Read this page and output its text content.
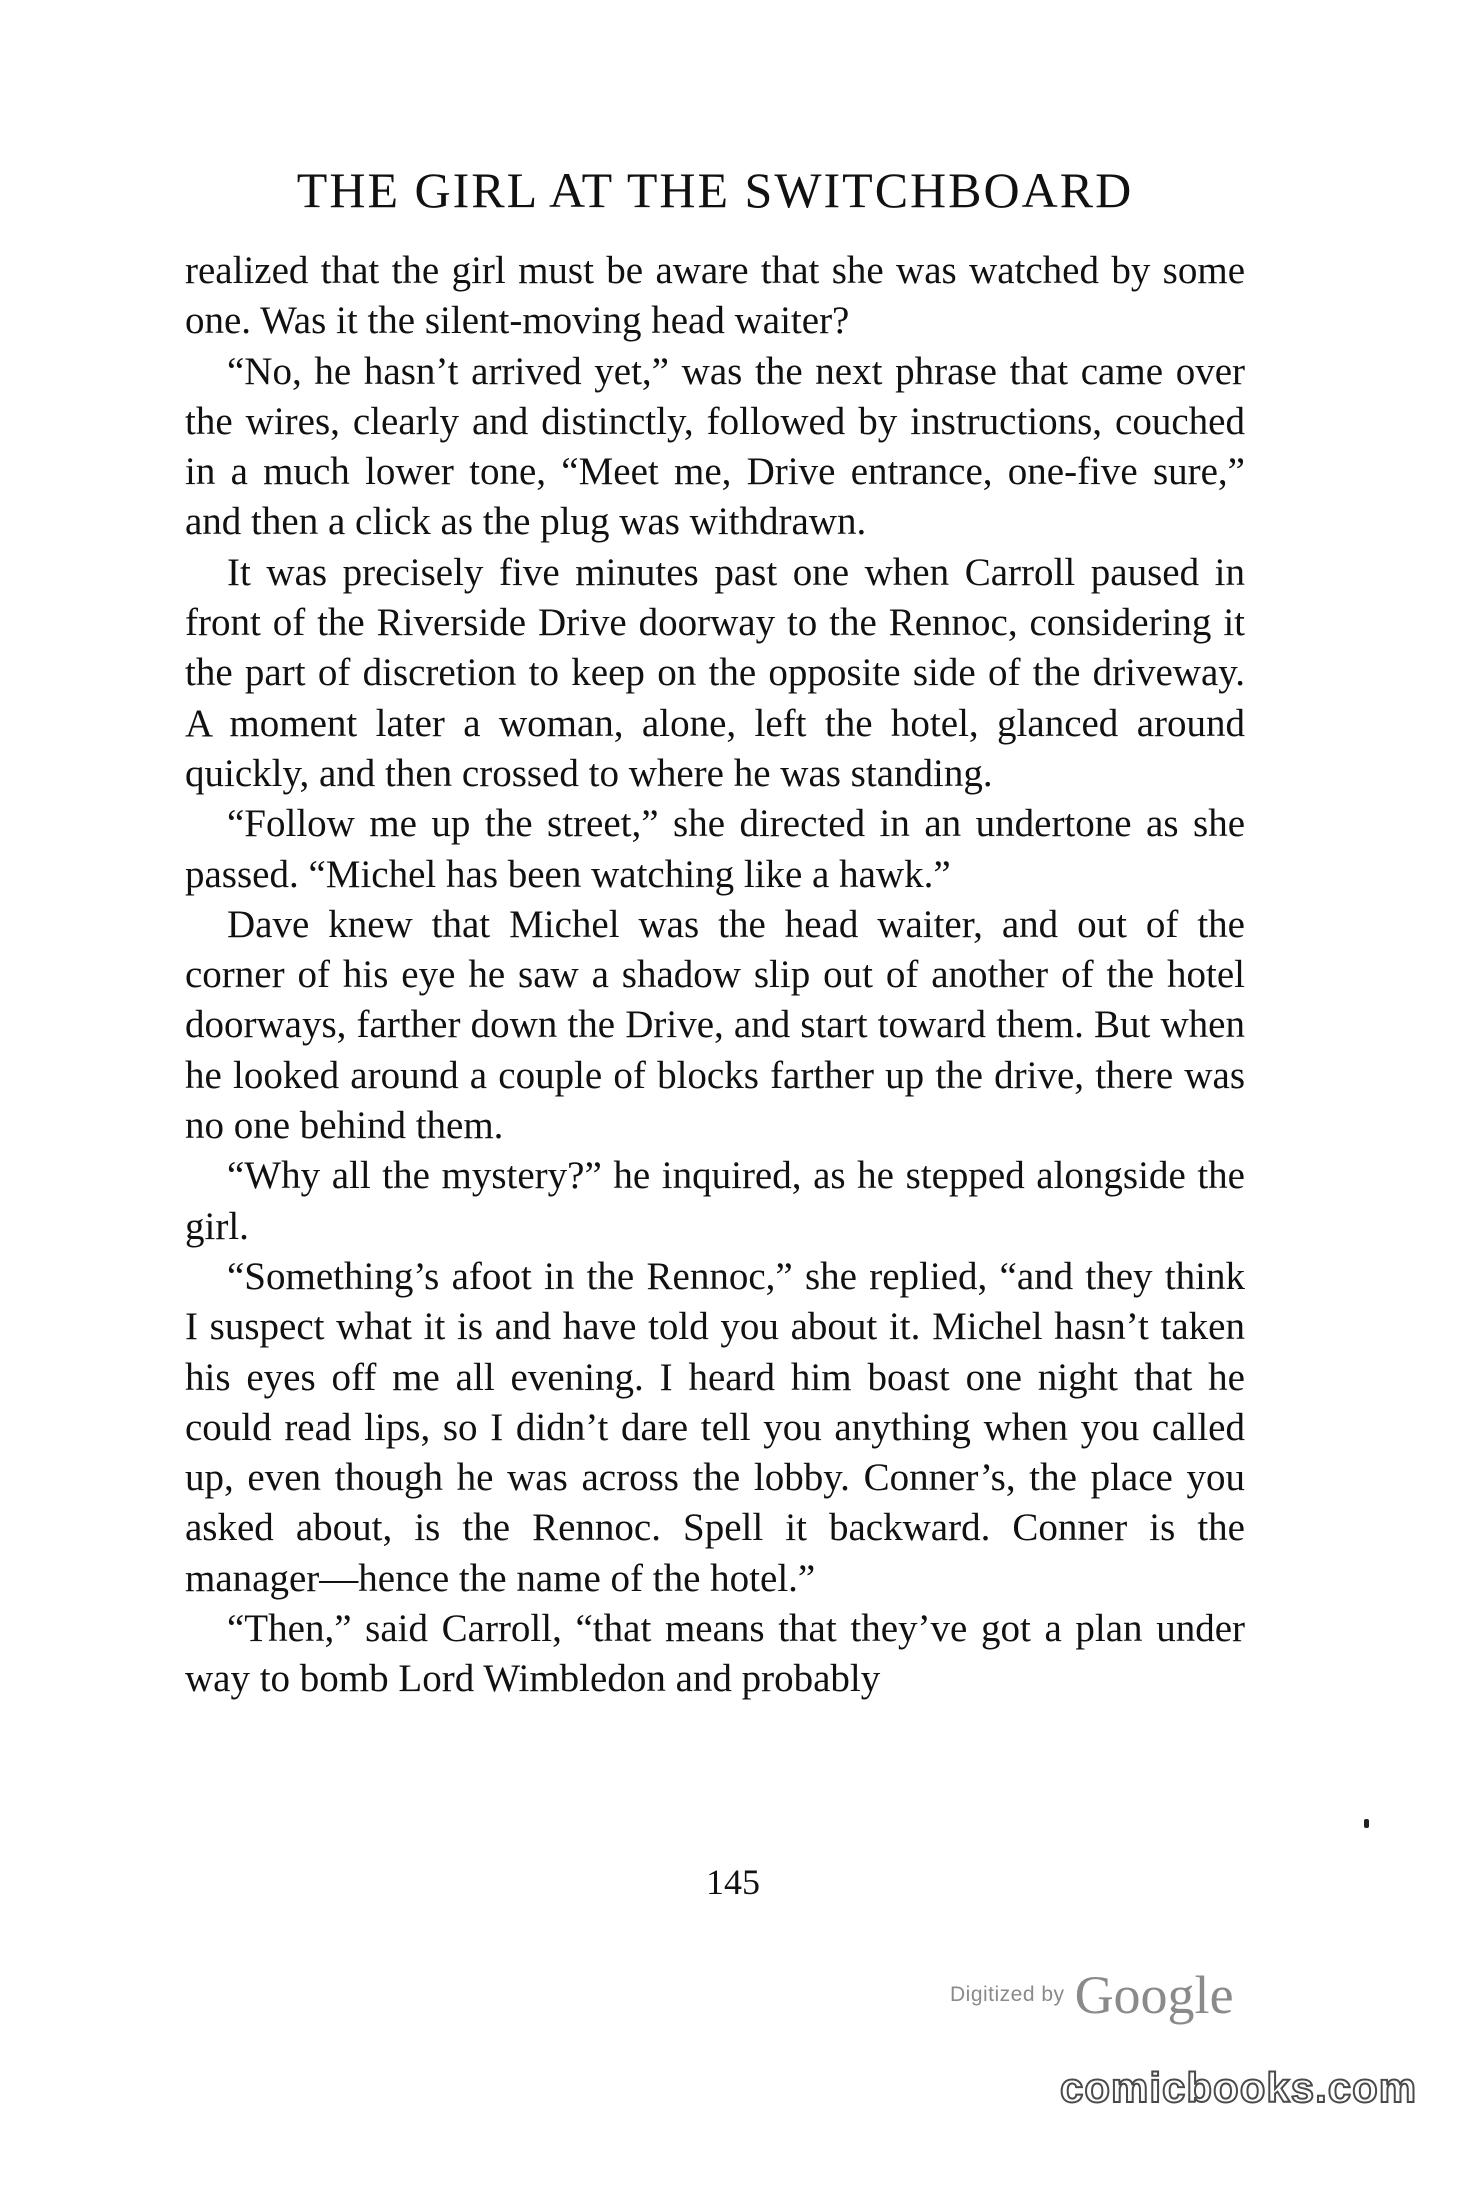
THE GIRL AT THE SWITCHBOARD

realized that the girl must be aware that she was watched by some one. Was it the silent-moving head waiter?

“No, he hasn’t arrived yet,” was the next phrase that came over the wires, clearly and distinctly, followed by instructions, couched in a much lower tone, “Meet me, Drive entrance, one-five sure,” and then a click as the plug was withdrawn.

It was precisely five minutes past one when Carroll paused in front of the Riverside Drive doorway to the Rennoc, considering it the part of discretion to keep on the opposite side of the driveway. A moment later a woman, alone, left the hotel, glanced around quickly, and then crossed to where he was standing.

“Follow me up the street,” she directed in an undertone as she passed. “Michel has been watching like a hawk.”

Dave knew that Michel was the head waiter, and out of the corner of his eye he saw a shadow slip out of another of the hotel doorways, farther down the Drive, and start toward them. But when he looked around a couple of blocks farther up the drive, there was no one behind them.

“Why all the mystery?” he inquired, as he stepped alongside the girl.

“Something’s afoot in the Rennoc,” she replied, “and they think I suspect what it is and have told you about it. Michel hasn’t taken his eyes off me all evening. I heard him boast one night that he could read lips, so I didn’t dare tell you anything when you called up, even though he was across the lobby. Conner’s, the place you asked about, is the Rennoc. Spell it backward. Conner is the manager—hence the name of the hotel.”

“Then,” said Carroll, “that means that they’ve got a plan under way to bomb Lord Wimbledon and probably

145
Digitized by Google
comicbooks.com
